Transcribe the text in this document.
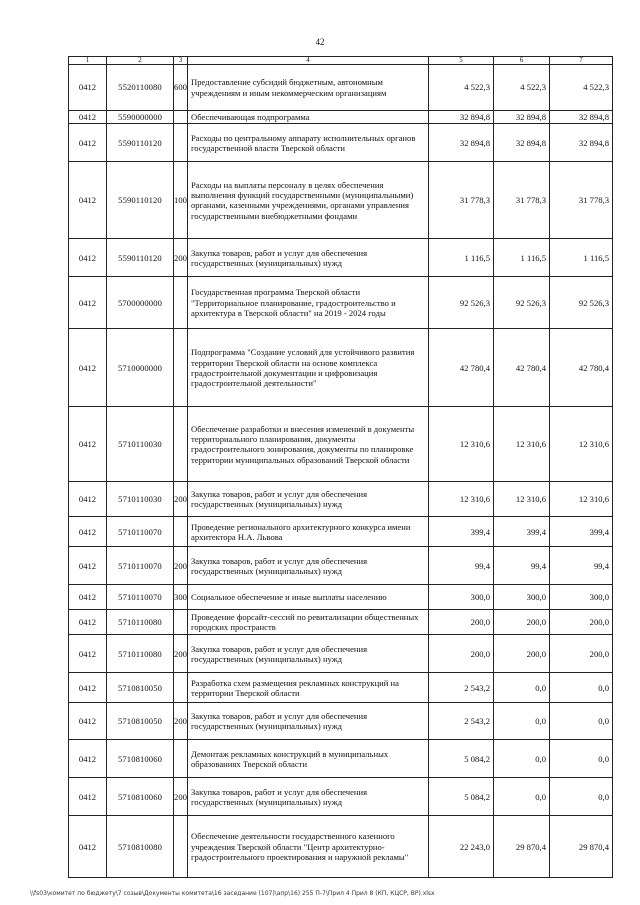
42
1	2	3	4	5	6	7
0412	5520110080	600	Предоставление субсидий бюджетным, автономным учреждениям и иным некоммерческим организациям	4 522,3	4 522,3	4 522,3
0412	5590000000		Обеспечивающая подпрограмма	32 894,8	32 894,8	32 894,8
0412	5590110120		Расходы по центральному аппарату исполнительных органов государственной власти Тверской области	32 894,8	32 894,8	32 894,8
0412	5590110120	100	Расходы на выплаты персоналу в целях обеспечения выполнения функций государственными (муниципальными) органами, казенными учреждениями, органами управления государственными внебюджетными фондами	31 778,3	31 778,3	31 778,3
0412	5590110120	200	Закупка товаров, работ и услуг для обеспечения государственных (муниципальных) нужд	1 116,5	1 116,5	1 116,5
0412	5700000000		Государственная программа Тверской области "Территориальное планирование, градостроительство и архитектура в Тверской области" на 2019 - 2024 годы	92 526,3	92 526,3	92 526,3
0412	5710000000		Подпрограмма "Создание условий для устойчивого развития территории Тверской области на основе комплекса градостроительной документации и цифровизация градостроительной деятельности"	42 780,4	42 780,4	42 780,4
0412	5710110030		Обеспечение разработки и внесения изменений в документы территориального планирования, документы градостроительного зонирования, документы по планировке территории муниципальных образований Тверской области	12 310,6	12 310,6	12 310,6
0412	5710110030	200	Закупка товаров, работ и услуг для обеспечения государственных (муниципальных) нужд	12 310,6	12 310,6	12 310,6
0412	5710110070		Проведение регионального архитектурного конкурса имени архитектора Н.А. Львова	399,4	399,4	399,4
0412	5710110070	200	Закупка товаров, работ и услуг для обеспечения государственных (муниципальных) нужд	99,4	99,4	99,4
0412	5710110070	300	Социальное обеспечение и иные выплаты населению	300,0	300,0	300,0
0412	5710110080		Проведение форсайт-сессий по ревитализации общественных городских пространств	200,0	200,0	200,0
0412	5710110080	200	Закупка товаров, работ и услуг для обеспечения государственных (муниципальных) нужд	200,0	200,0	200,0
0412	5710810050		Разработка схем размещения рекламных конструкций на территории Тверской области	2 543,2	0,0	0,0
0412	5710810050	200	Закупка товаров, работ и услуг для обеспечения государственных (муниципальных) нужд	2 543,2	0,0	0,0
0412	5710810060		Демонтаж рекламных конструкций в муниципальных образованиях Тверской области	5 084,2	0,0	0,0
0412	5710810060	200	Закупка товаров, работ и услуг для обеспечения государственных (муниципальных) нужд	5 084,2	0,0	0,0
0412	5710810080		Обеспечение деятельности государственного казенного учреждения Тверской области "Центр архитектурно-градостроительного проектирования и наружной рекламы"	22 243,0	29 870,4	29 870,4
\\fs03\комитет по бюджету\7 созыв\Документы комитета\16 заседание (107)\апр\16) 255 П-7\Прил 4 Прил 8 (КП, КЦСР, ВР).xlsx
